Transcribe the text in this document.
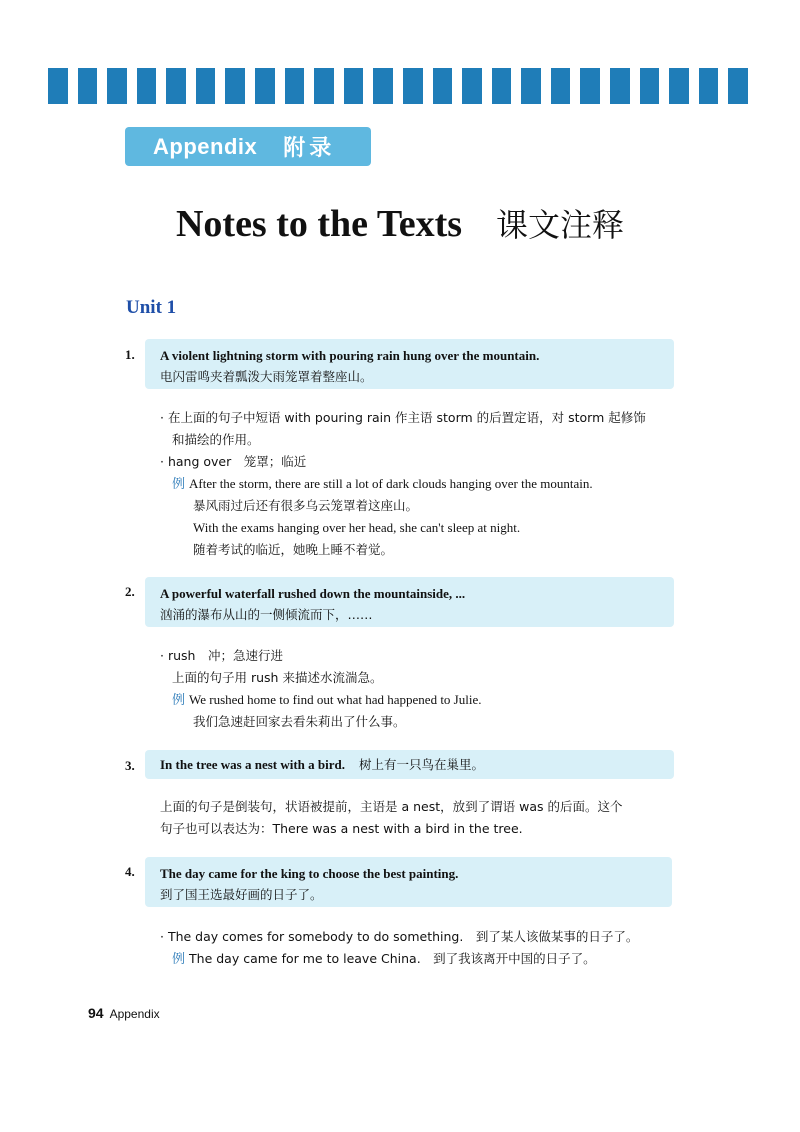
Appendix 附录
Notes to the Texts 课文注释
Unit 1
1. A violent lightning storm with pouring rain hung over the mountain.
电闪雷鸣夹着瓢泼大雨笼罩着整座山。
· 在上面的句子中短语 with pouring rain 作主语 storm 的后置定语，对 storm 起修饰
和描绘的作用。
· hang over　笼罩；临近
例 After the storm, there are still a lot of dark clouds hanging over the mountain.
暴风雨过后还有很多乌云笼罩着这座山。
With the exams hanging over her head, she can't sleep at night.
随着考试的临近，她晚上睡不着觉。
2. A powerful waterfall rushed down the mountainside, ...
汹涌的瀑布从山的一侧倾流而下，……
· rush　冲；急速行进
上面的句子用 rush 来描述水流湍急。
例 We rushed home to find out what had happened to Julie.
我们急速赶回家去看朱莉出了什么事。
3.	In the tree was a nest with a bird. 树上有一只鸟在巢里。
上面的句子是倒装句，状语被提前，主语是 a nest，放到了谓语 was 的后面。这个
句子也可以表达为：There was a nest with a bird in the tree.
4. The day came for the king to choose the best painting.
到了国王选最好画的日子了。
· The day comes for somebody to do something.　到了某人该做某事的日子了。
例 The day came for me to leave China.　到了我该离开中国的日子了。
94 Appendix
